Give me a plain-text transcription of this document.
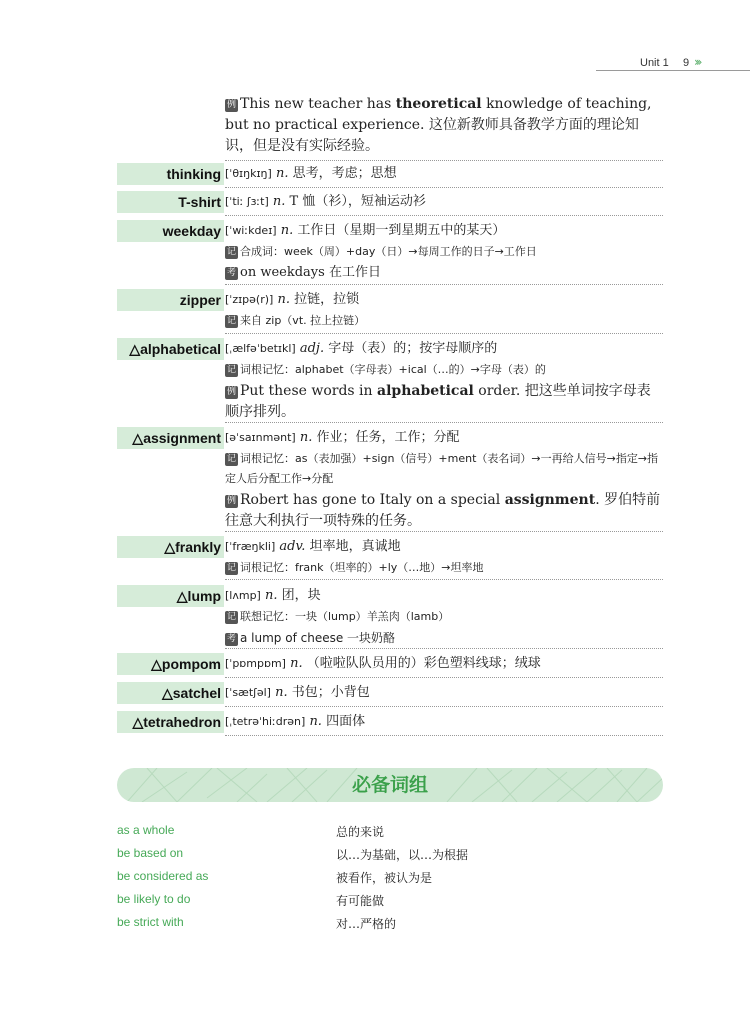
Unit 1 9 ›››
例 This new teacher has theoretical knowledge of teaching, but no practical experience. 这位新教师具备教学方面的理论知识，但是没有实际经验。
thinking [ˈθɪŋkɪŋ] n. 思考，考虑；思想
T-shirt [ˈtiː ʃɜːt] n. T 恤（衫），短袖运动衫
weekday [ˈwiːkdeɪ] n. 工作日（星期一到星期五中的某天）
记 合成词：week（周）+day（日）→每周工作的日子→工作日
考 on weekdays 在工作日
zipper [ˈzɪpə(r)] n. 拉链，拉锁
记 来自 zip（vt. 拉上拉链）
△alphabetical [ˌælfəˈbetɪkl] adj. 字母（表）的；按字母顺序的
记 词根记忆：alphabet（字母表）+ical（…的）→字母（表）的
例 Put these words in alphabetical order. 把这些单词按字母表顺序排列。
△assignment [əˈsaɪnmənt] n. 作业；任务，工作；分配
记 词根记忆：as（表加强）+sign（信号）+ment（表名词）→一再给人信号→指定→指定人后分配工作→分配
例 Robert has gone to Italy on a special assignment. 罗伯特前往意大利执行一项特殊的任务。
△frankly [ˈfræŋkli] adv. 坦率地，真诚地
记 词根记忆：frank（坦率的）+ly（…地）→坦率地
△lump [lʌmp] n. 团，块
记 联想记忆：一块（lump）羊羔肉（lamb）
考 a lump of cheese 一块奶酪
△pompom [ˈpɒmpɒm] n. （啦啦队队员用的）彩色塑料线球；绒球
△satchel [ˈsætʃəl] n. 书包；小背包
△tetrahedron [ˌtetrəˈhiːdrən] n. 四面体
必备词组
as a whole	总的来说
be based on	以…为基础，以…为根据
be considered as	被看作，被认为是
be likely to do	有可能做
be strict with	对…严格的
